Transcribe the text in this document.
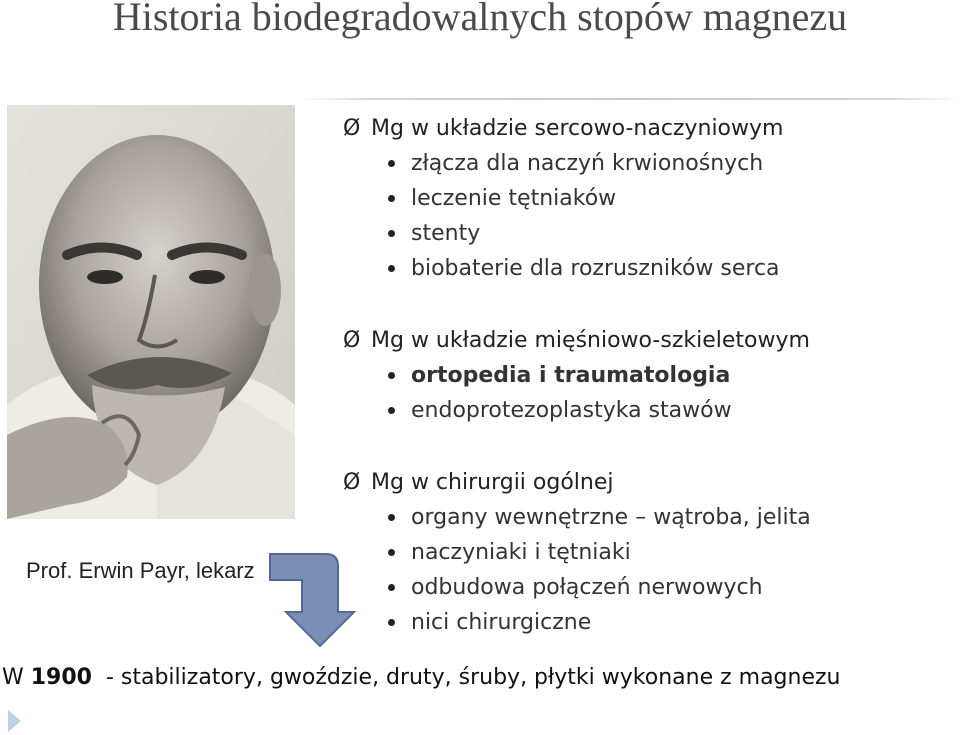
Historia biodegradowalnych stopów magnezu
Prof. Erwin Payr, lekarz
Ø Mg w układzie sercowo-naczyniowym
złącza dla naczyń krwionośnych
leczenie tętniaków
stenty
biobaterie dla rozruszników serca
Ø Mg w układzie mięśniowo-szkieletowym
ortopedia i traumatologia
endoprotezoplastyka stawów
Ø Mg w chirurgii ogólnej
organy wewnętrzne – wątroba, jelita
naczyniaki i tętniaki
odbudowa połączeń nerwowych
nici chirurgiczne
W 1900  - stabilizatory, gwoździe, druty, śruby, płytki wykonane z magnezu
